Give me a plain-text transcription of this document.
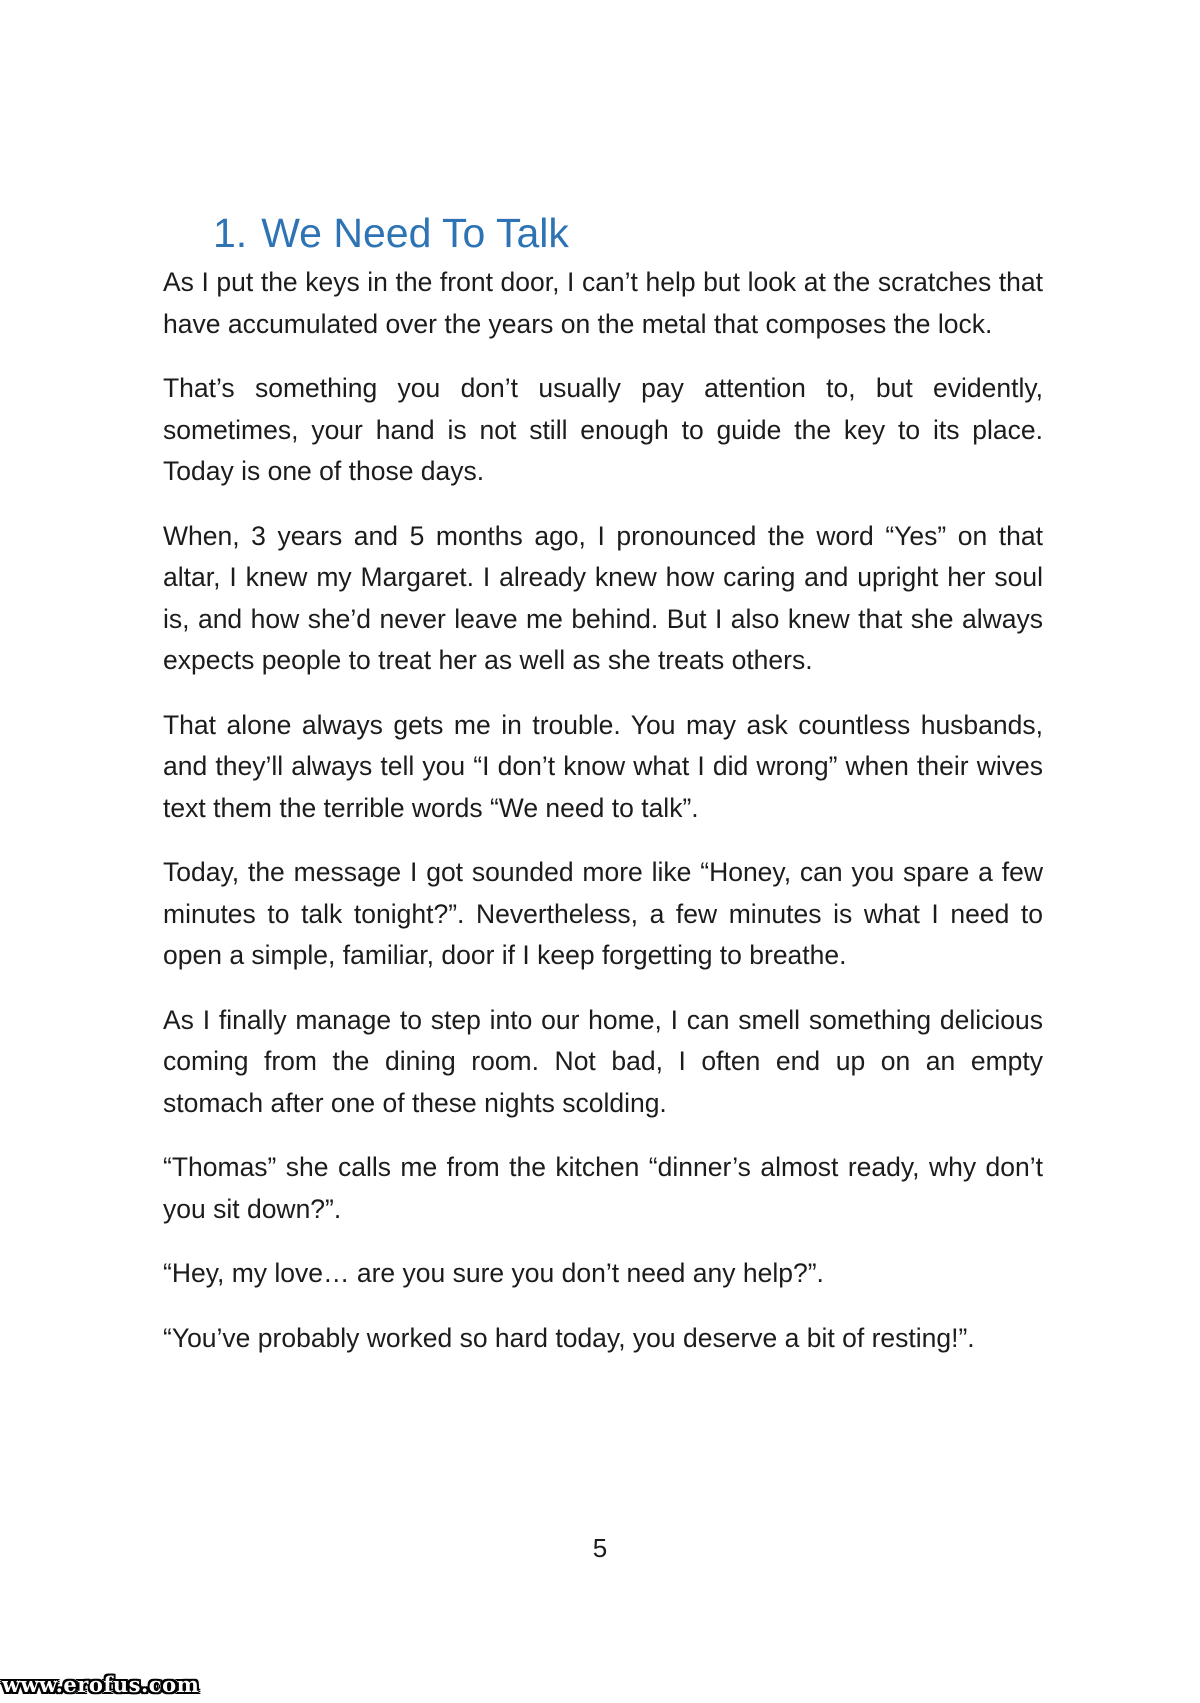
1. We Need To Talk

As I put the keys in the front door, I can’t help but look at the scratches that have accumulated over the years on the metal that composes the lock.

That’s something you don’t usually pay attention to, but evidently, sometimes, your hand is not still enough to guide the key to its place. Today is one of those days.

When, 3 years and 5 months ago, I pronounced the word “Yes” on that altar, I knew my Margaret. I already knew how caring and upright her soul is, and how she’d never leave me behind. But I also knew that she always expects people to treat her as well as she treats others.

That alone always gets me in trouble. You may ask countless husbands, and they’ll always tell you “I don’t know what I did wrong” when their wives text them the terrible words “We need to talk”.

Today, the message I got sounded more like “Honey, can you spare a few minutes to talk tonight?”. Nevertheless, a few minutes is what I need to open a simple, familiar, door if I keep forgetting to breathe.

As I finally manage to step into our home, I can smell something delicious coming from the dining room. Not bad, I often end up on an empty stomach after one of these nights scolding.

“Thomas” she calls me from the kitchen “dinner’s almost ready, why don’t you sit down?”.

“Hey, my love… are you sure you don’t need any help?”.

“You’ve probably worked so hard today, you deserve a bit of resting!”.

5
www.erofus.com
